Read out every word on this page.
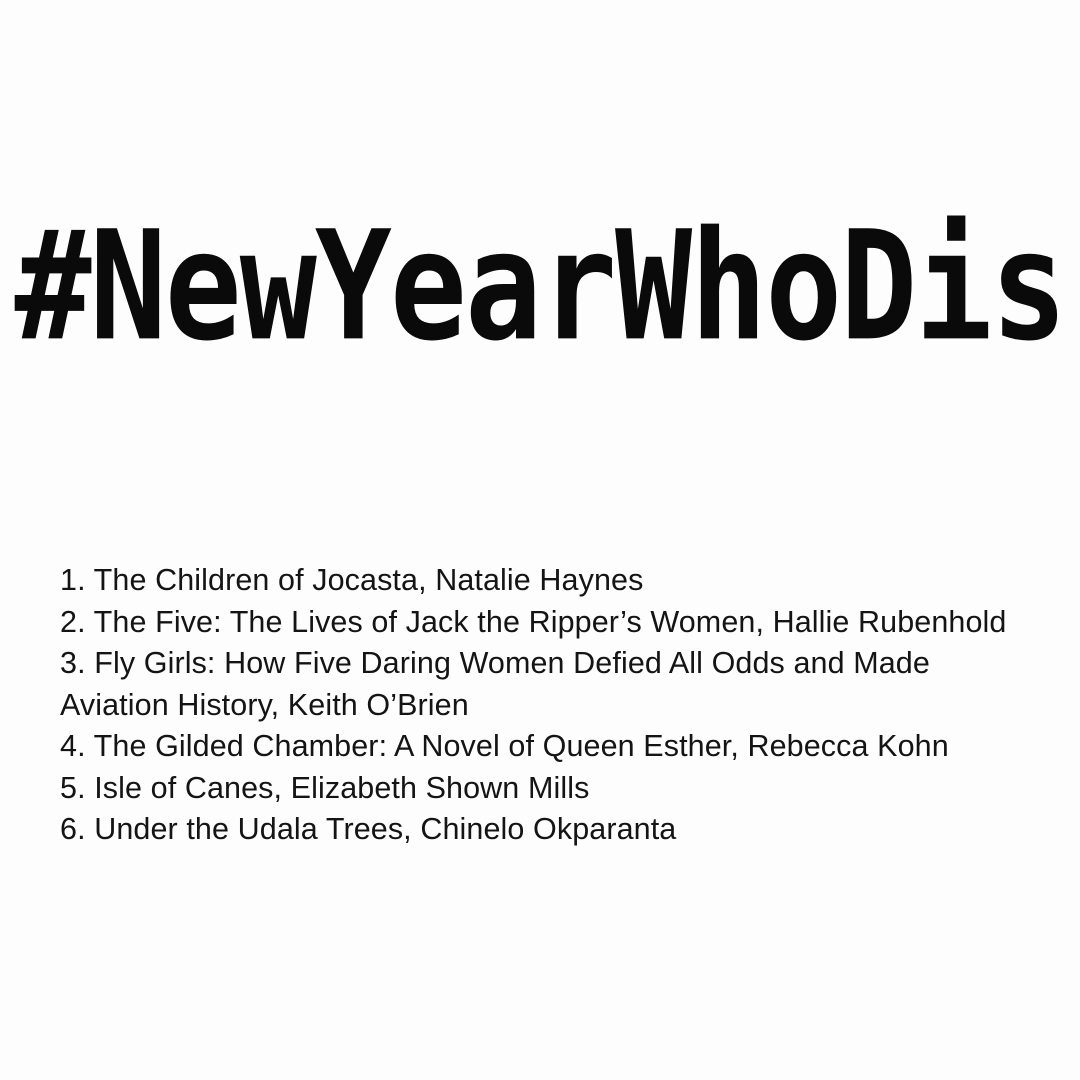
#NewYearWhoDis

1. The Children of Jocasta, Natalie Haynes

2. The Five: The Lives of Jack the Ripper’s Women, Hallie Rubenhold

3. Fly Girls: How Five Daring Women Defied All Odds and Made Aviation History, Keith O’Brien

4. The Gilded Chamber: A Novel of Queen Esther, Rebecca Kohn

5. Isle of Canes, Elizabeth Shown Mills

6. Under the Udala Trees, Chinelo Okparanta
